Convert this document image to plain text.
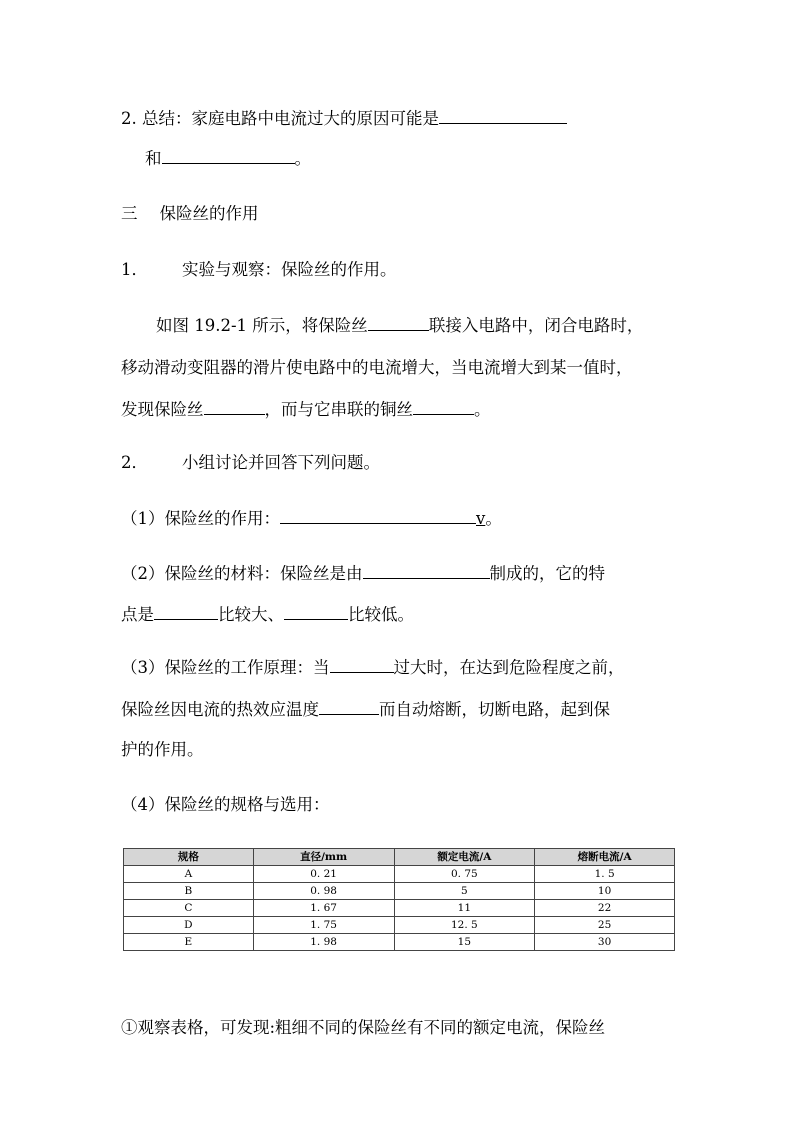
2. 总结：家庭电路中电流过大的原因可能是
和	。
三 保险丝的作用
1． 实验与观察：保险丝的作用。
如图 19.2-1 所示，将保险丝	联接入电路中，闭合电路时，
移动滑动变阻器的滑片使电路中的电流增大，当电流增大到某一值时，
发现保险丝	，而与它串联的铜丝	。
2． 小组讨论并回答下列问题。
（1）保险丝的作用：	v。
（2）保险丝的材料：保险丝是由	制成的，它的特
点是	比较大、	比较低。
（3）保险丝的工作原理：当	过大时，在达到危险程度之前，
保险丝因电流的热效应温度	而自动熔断，切断电路，起到保
护的作用。
（4）保险丝的规格与选用：
规格	直径/mm	额定电流/A	熔断电流/A
A	0. 21	0. 75	1. 5
B	0. 98	5	10
C	1. 67	11	22
D	1. 75	12. 5	25
E	1. 98	15	30
①观察表格，可发现:粗细不同的保险丝有不同的额定电流，保险丝
